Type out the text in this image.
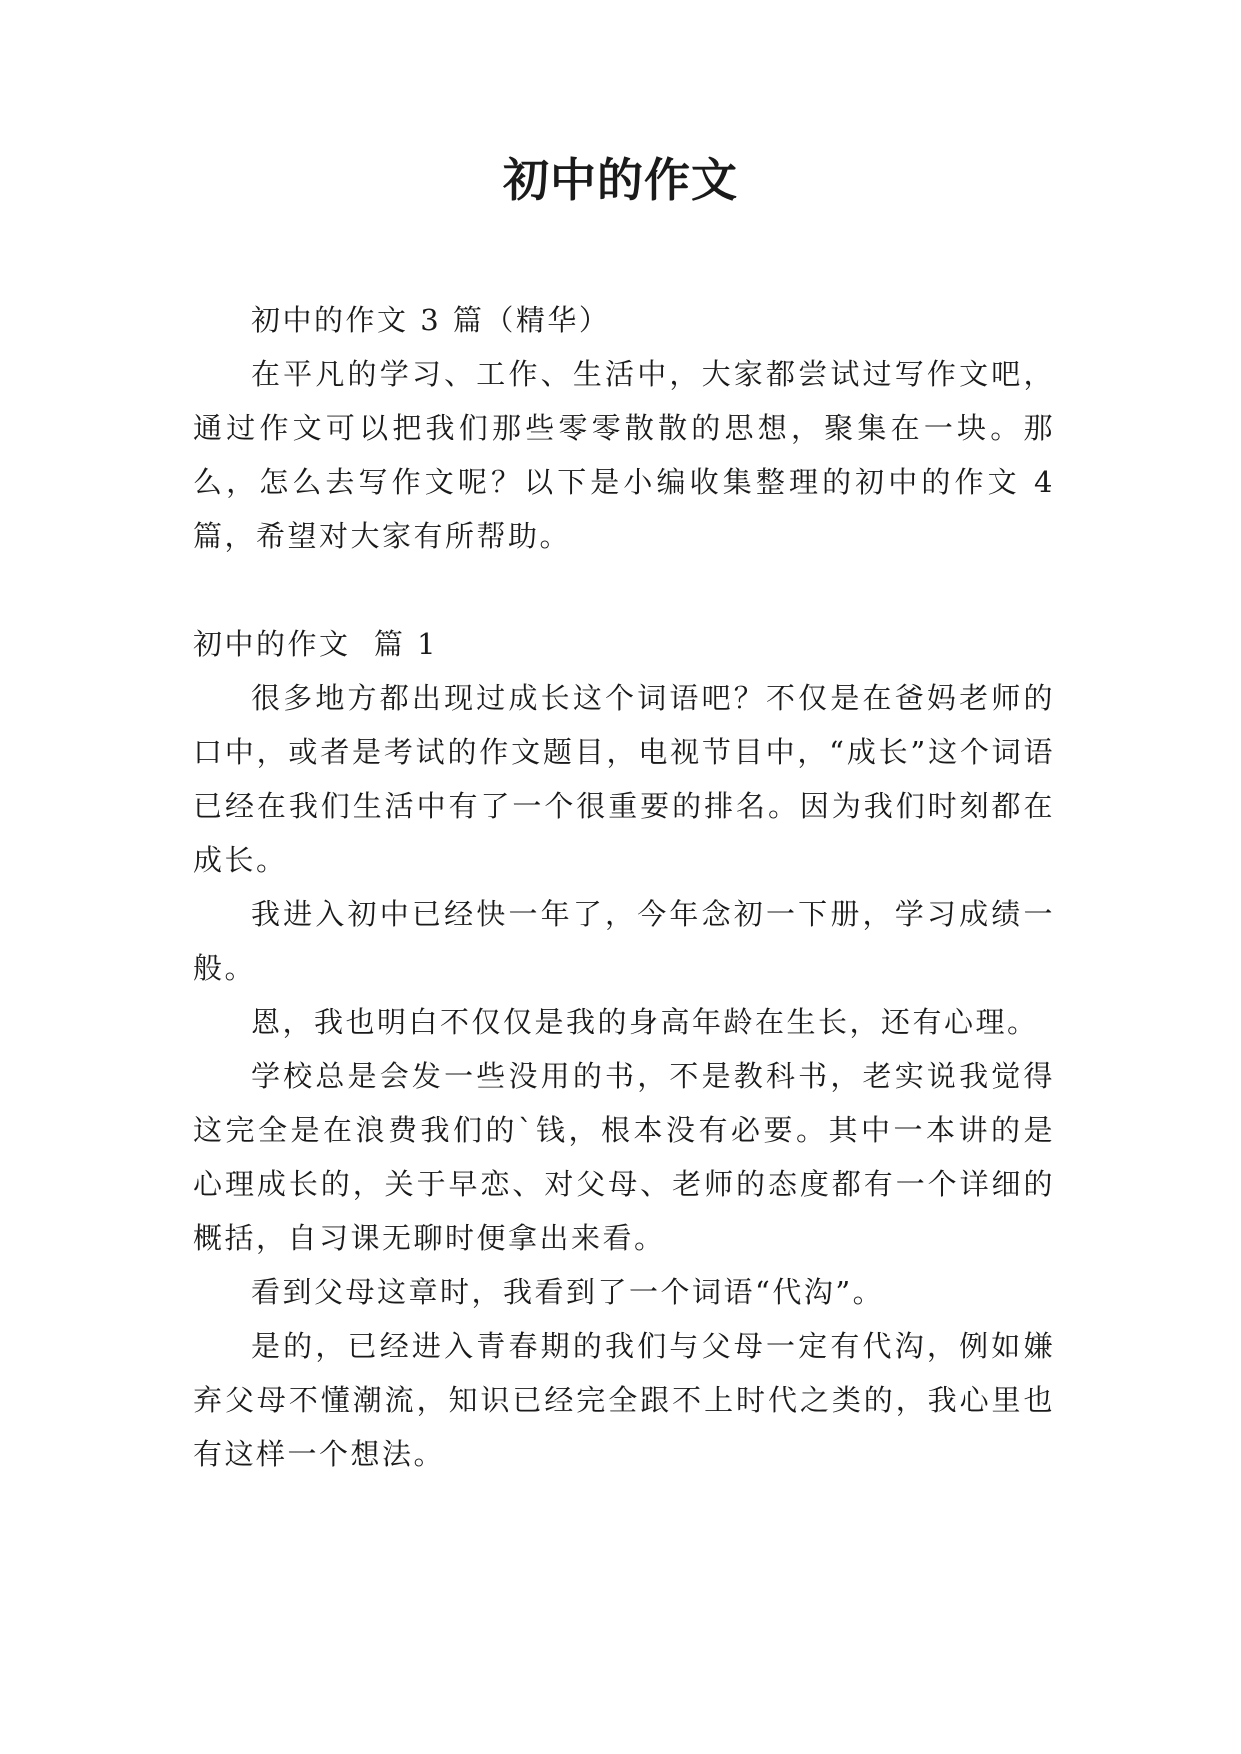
初中的作文

初中的作文 3 篇（精华）

在平凡的学习、工作、生活中，大家都尝试过写作文吧，通过作文可以把我们那些零零散散的思想，聚集在一块。那么，怎么去写作文呢？以下是小编收集整理的初中的作文 4 篇，希望对大家有所帮助。

初中的作文  篇 1

很多地方都出现过成长这个词语吧？不仅是在爸妈老师的口中，或者是考试的作文题目，电视节目中，“成长”这个词语已经在我们生活中有了一个很重要的排名。因为我们时刻都在成长。

我进入初中已经快一年了，今年念初一下册，学习成绩一般。

恩，我也明白不仅仅是我的身高年龄在生长，还有心理。

学校总是会发一些没用的书，不是教科书，老实说我觉得这完全是在浪费我们的`钱，根本没有必要。其中一本讲的是心理成长的，关于早恋、对父母、老师的态度都有一个详细的概括，自习课无聊时便拿出来看。

看到父母这章时，我看到了一个词语“代沟”。

是的，已经进入青春期的我们与父母一定有代沟，例如嫌弃父母不懂潮流，知识已经完全跟不上时代之类的，我心里也有这样一个想法。
